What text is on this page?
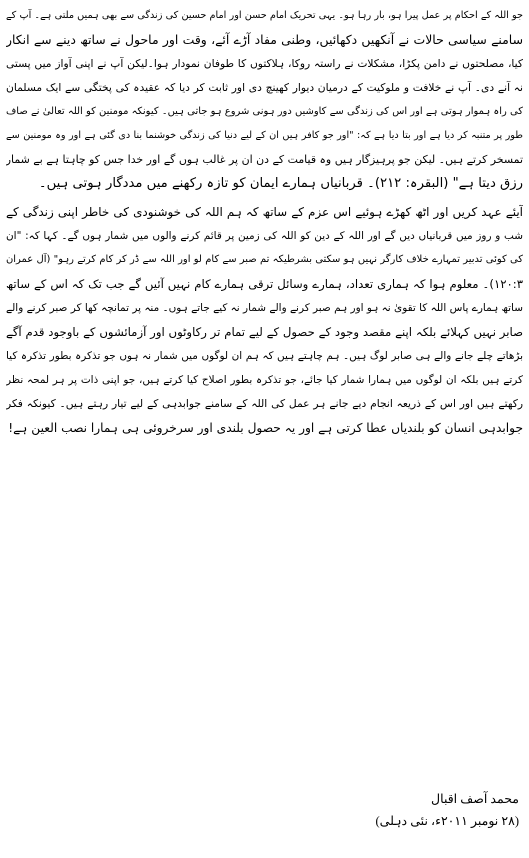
جو اللہ کے احکام پر عمل پیرا ہو، بار رہا ہو۔ یہی تحریک امام حسن اور امام حسین کی زندگی سے بھی ہمیں ملتی ہے۔ آپ کے
سامنے سیاسی حالات نے آنکھیں دکھائیں، وطنی مفاد آڑے آئے، وقت اور ماحول نے ساتھ دینے سے انکار
کیا، مصلحتوں نے دامن پکڑا، مشکلات نے راستہ روکا، ہلاکتوں کا طوفان نمودار ہوا۔لیکن آپ نے اپنی آواز میں پستی
نہ آنے دی۔ آپ نے خلافت و ملوکیت کے درمیان دیوار کھینچ دی اور ثابت کر دیا کہ عقیدہ کی پختگی سے ایک مسلمان
کی راہ ہموار ہوتی ہے اور اس کی زندگی سے کاوشیں دور ہونی شروع ہو جاتی ہیں۔ کیونکہ مومنین کو اللہ تعالیٰ نے صاف
طور پر متنبہ کر دیا ہے اور بتا دیا ہے کہ: "اور جو کافر ہیں ان کے لیے دنیا کی زندگی خوشنما بنا دی گئی ہے اور وہ مومنین سے
تمسخر کرتے ہیں۔ لیکن جو پرہیزگار ہیں وہ قیامت کے دن ان پر غالب ہوں گے اور خدا جس کو چاہتا ہے بے شمار
رزق دیتا ہے" (البقرہ: ۲۱۲)۔ قربانیاں ہمارے ایمان کو تازہ رکھنے میں مددگار ہوتی ہیں۔
آیئے عہد کریں اور اٹھ کھڑے ہوئیے اس عزم کے ساتھ کہ ہم اللہ کی خوشنودی کی خاطر اپنی زندگی کے
شب و روز میں قربانیاں دیں گے اور اللہ کے دین کو اللہ کی زمین پر قائم کرنے والوں میں شمار ہوں گے۔ کہا کہ: "ان
کی کوئی تدبیر تمہارے خلاف کارگر نہیں ہو سکتی بشرطیکہ تم صبر سے کام لو اور اللہ سے ڈر کر کام کرتے رہو" (آل عمران
۱۲۰:۳)۔ معلوم ہوا کہ ہماری تعداد، ہمارے وسائل ترقی ہمارے کام نہیں آئیں گے جب تک کہ اس کے ساتھ
ساتھ ہمارے پاس اللہ کا تقویٰ نہ ہو اور ہم صبر کرنے والے شمار نہ کیے جاتے ہوں۔ منہ پر تمانچہ کھا کر صبر کرنے والے
صابر نہیں کہلائے بلکہ اپنے مقصد وجود کے حصول کے لیے تمام تر رکاوٹوں اور آزمائشوں کے باوجود قدم آگے
بڑھاتے چلے جانے والے ہی صابر لوگ ہیں۔ ہم چاہتے ہیں کہ ہم ان لوگوں میں شمار نہ ہوں جو تذکرہ بطور تذکرہ کیا
کرتے ہیں بلکہ ان لوگوں میں ہمارا شمار کیا جائے، جو تذکرہ بطور اصلاح کیا کرتے ہیں، جو اپنی ذات پر ہر لمحہ نظر
رکھتے ہیں اور اس کے ذریعہ انجام دیے جانے ہر عمل کی اللہ کے سامنے جوابدہی کے لیے تیار رہتے ہیں۔ کیونکہ فکر
جوابدہی انسان کو بلندیاں عطا کرتی ہے اور یہ حصول بلندی اور سرخروئی ہی ہمارا نصب العین ہے!
محمد آصف اقبال
(۲۸ نومبر ۲۰۱۱ء، نئی دہلی)
